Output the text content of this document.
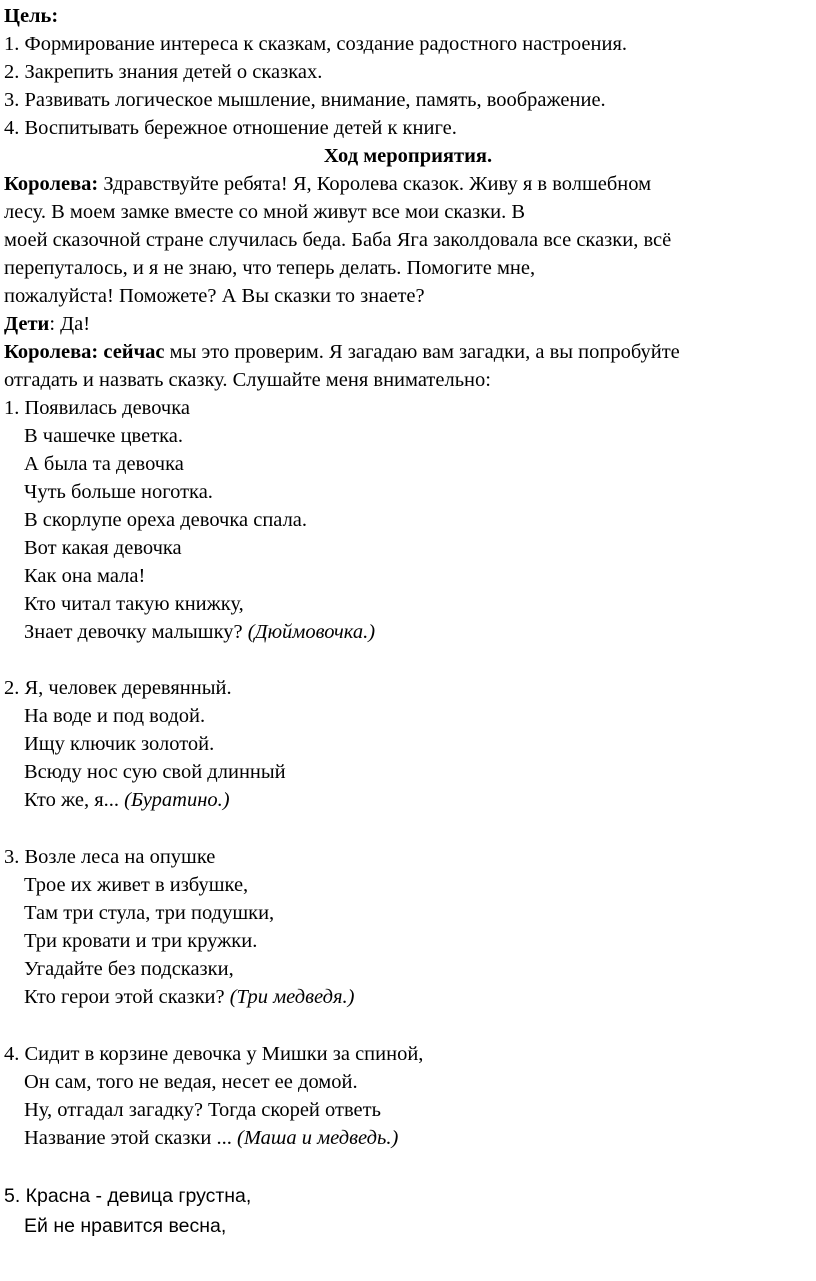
Цель:
1. Формирование интереса к сказкам, создание радостного настроения.
2. Закрепить знания детей о сказках.
3. Развивать логическое мышление, внимание, память, воображение.
4. Воспитывать бережное отношение детей к книге.
Ход мероприятия.
Королева: Здравствуйте ребята! Я, Королева сказок. Живу я в волшебном
лесу. В моем замке вместе со мной живут все мои сказки. В
моей сказочной стране случилась беда. Баба Яга заколдовала все сказки, всё
перепуталось, и я не знаю, что теперь делать. Помогите мне,
пожалуйста! Поможете? А Вы сказки то знаете?
Дети: Да!
Королева: сейчас мы это проверим. Я загадаю вам загадки, а вы попробуйте
отгадать и назвать сказку. Слушайте меня внимательно:
1. Появилась девочка
В чашечке цветка.
А была та девочка
Чуть больше ноготка.
В скорлупе ореха девочка спала.
Вот какая девочка
Как она мала!
Кто читал такую книжку,
Знает девочку малышку? (Дюймовочка.)
2. Я, человек деревянный.
На воде и под водой.
Ищу ключик золотой.
Всюду нос сую свой длинный
Кто же, я... (Буратино.)
3. Возле леса на опушке
Трое их живет в избушке,
Там три стула, три подушки,
Три кровати и три кружки.
Угадайте без подсказки,
Кто герои этой сказки? (Три медведя.)
4. Сидит в корзине девочка у Мишки за спиной,
Он сам, того не ведая, несет ее домой.
Ну, отгадал загадку? Тогда скорей ответь
Название этой сказки ... (Маша и медведь.)
5. Красна - девица грустна,
Ей не нравится весна,
